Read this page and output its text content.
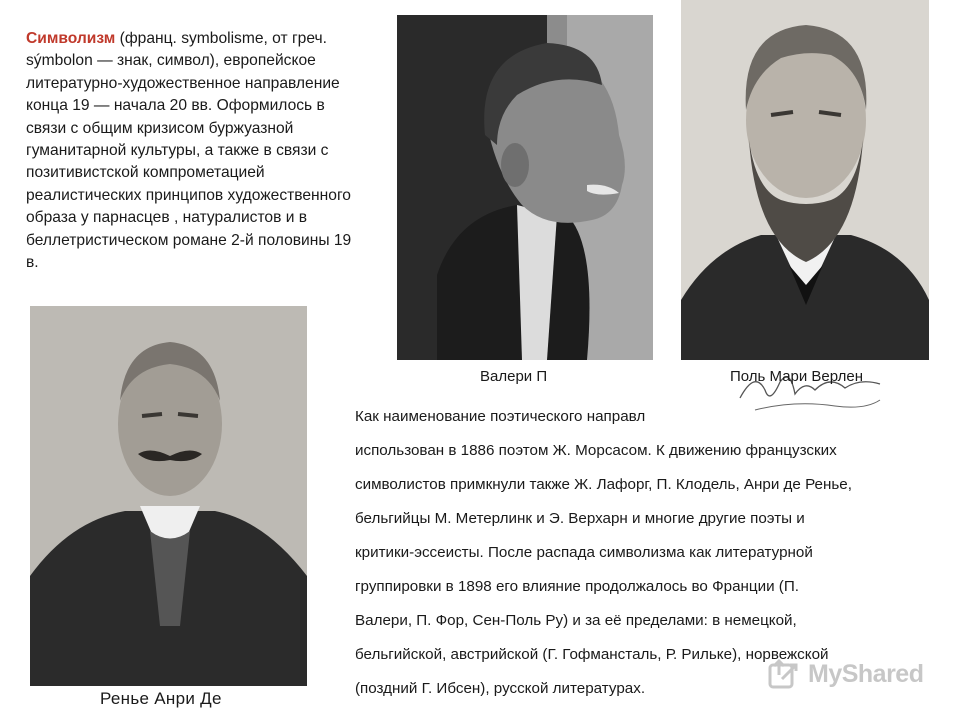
Символизм (франц. symbolisme, от греч. sýmbolon — знак, символ), европейское литературно-художественное направление конца 19 — начала 20 вв. Оформилось в связи с общим кризисом буржуазной гуманитарной культуры, а также в связи с позитивистской компрометацией реалистических принципов художественного образа у парнасцев , натуралистов и в беллетристическом романе 2-й половины 19 в.

Валери П	Поль Мари Верлен

Ренье Анри Де

Как наименование поэтического направл
использован в 1886 поэтом Ж. Морсасом. К движению французских
символистов примкнули также Ж. Лафорг, П. Клодель, Анри де Ренье,
бельгийцы М. Метерлинк и Э. Верхарн и многие другие поэты и
критики-эссеисты. После распада символизма как литературной
группировки в 1898 его влияние продолжалось во Франции (П.
Валери, П. Фор, Сен-Поль Ру) и за её пределами: в немецкой,
бельгийской, австрийской (Г. Гофмансталь, Р. Рильке), норвежской
(поздний Г. Ибсен), русской литературах.

MyShared
